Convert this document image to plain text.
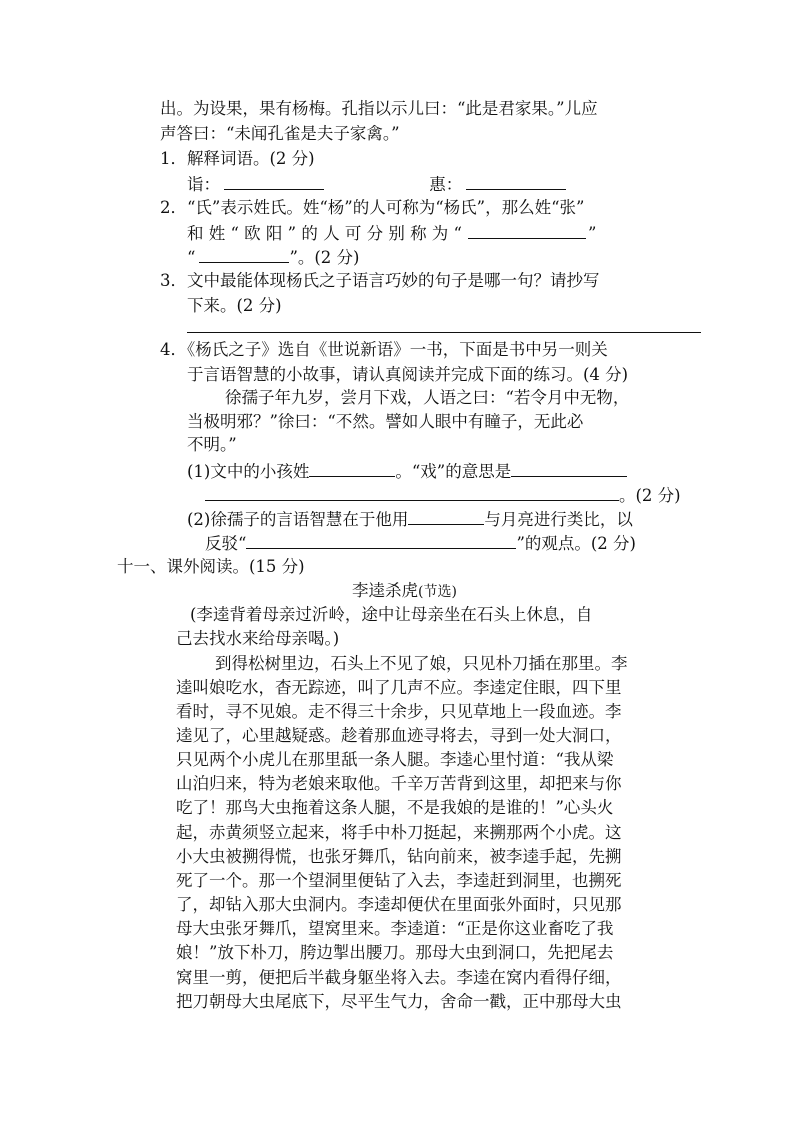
出。为设果，果有杨梅。孔指以示儿曰：“此是君家果。”儿应
声答曰：“未闻孔雀是夫子家禽。”
1．解释词语。(2 分)
诣：	惠：
2．“氏”表示姓氏。姓“杨”的人可称为“杨氏”，那么姓“张”
和 姓 “ 欧 阳 ” 的 人 可 分 别 称 为 “	”
“	”。(2 分)
3．文中最能体现杨氏之子语言巧妙的句子是哪一句？请抄写
下来。(2 分)
4．《杨氏之子》选自《世说新语》一书，下面是书中另一则关
于言语智慧的小故事，请认真阅读并完成下面的练习。(4 分)
徐孺子年九岁，尝月下戏，人语之曰：“若令月中无物，
当极明邪？”徐曰：“不然。譬如人眼中有瞳子，无此必
不明。”
(1)文中的小孩姓	。“戏”的意思是
。(2 分)
(2)徐孺子的言语智慧在于他用	与月亮进行类比，以
反驳“	”的观点。(2 分)
十一、课外阅读。(15 分)
李逵杀虎(节选)
(李逵背着母亲过沂岭，途中让母亲坐在石头上休息，自
己去找水来给母亲喝。)
到得松树里边，石头上不见了娘，只见朴刀插在那里。李
逵叫娘吃水，杳无踪迹，叫了几声不应。李逵定住眼，四下里
看时，寻不见娘。走不得三十余步，只见草地上一段血迹。李
逵见了，心里越疑惑。趁着那血迹寻将去，寻到一处大洞口，
只见两个小虎儿在那里舐一条人腿。李逵心里忖道：“我从梁
山泊归来，特为老娘来取他。千辛万苦背到这里，却把来与你
吃了！那鸟大虫拖着这条人腿，不是我娘的是谁的！”心头火
起，赤黄须竖立起来，将手中朴刀挺起，来搠那两个小虎。这
小大虫被搠得慌，也张牙舞爪，钻向前来，被李逵手起，先搠
死了一个。那一个望洞里便钻了入去，李逵赶到洞里，也搠死
了，却钻入那大虫洞内。李逵却便伏在里面张外面时，只见那
母大虫张牙舞爪，望窝里来。李逵道：“正是你这业畜吃了我
娘！”放下朴刀，胯边掣出腰刀。那母大虫到洞口，先把尾去
窝里一剪，便把后半截身躯坐将入去。李逵在窝内看得仔细，
把刀朝母大虫尾底下，尽平生气力，舍命一戳，正中那母大虫
